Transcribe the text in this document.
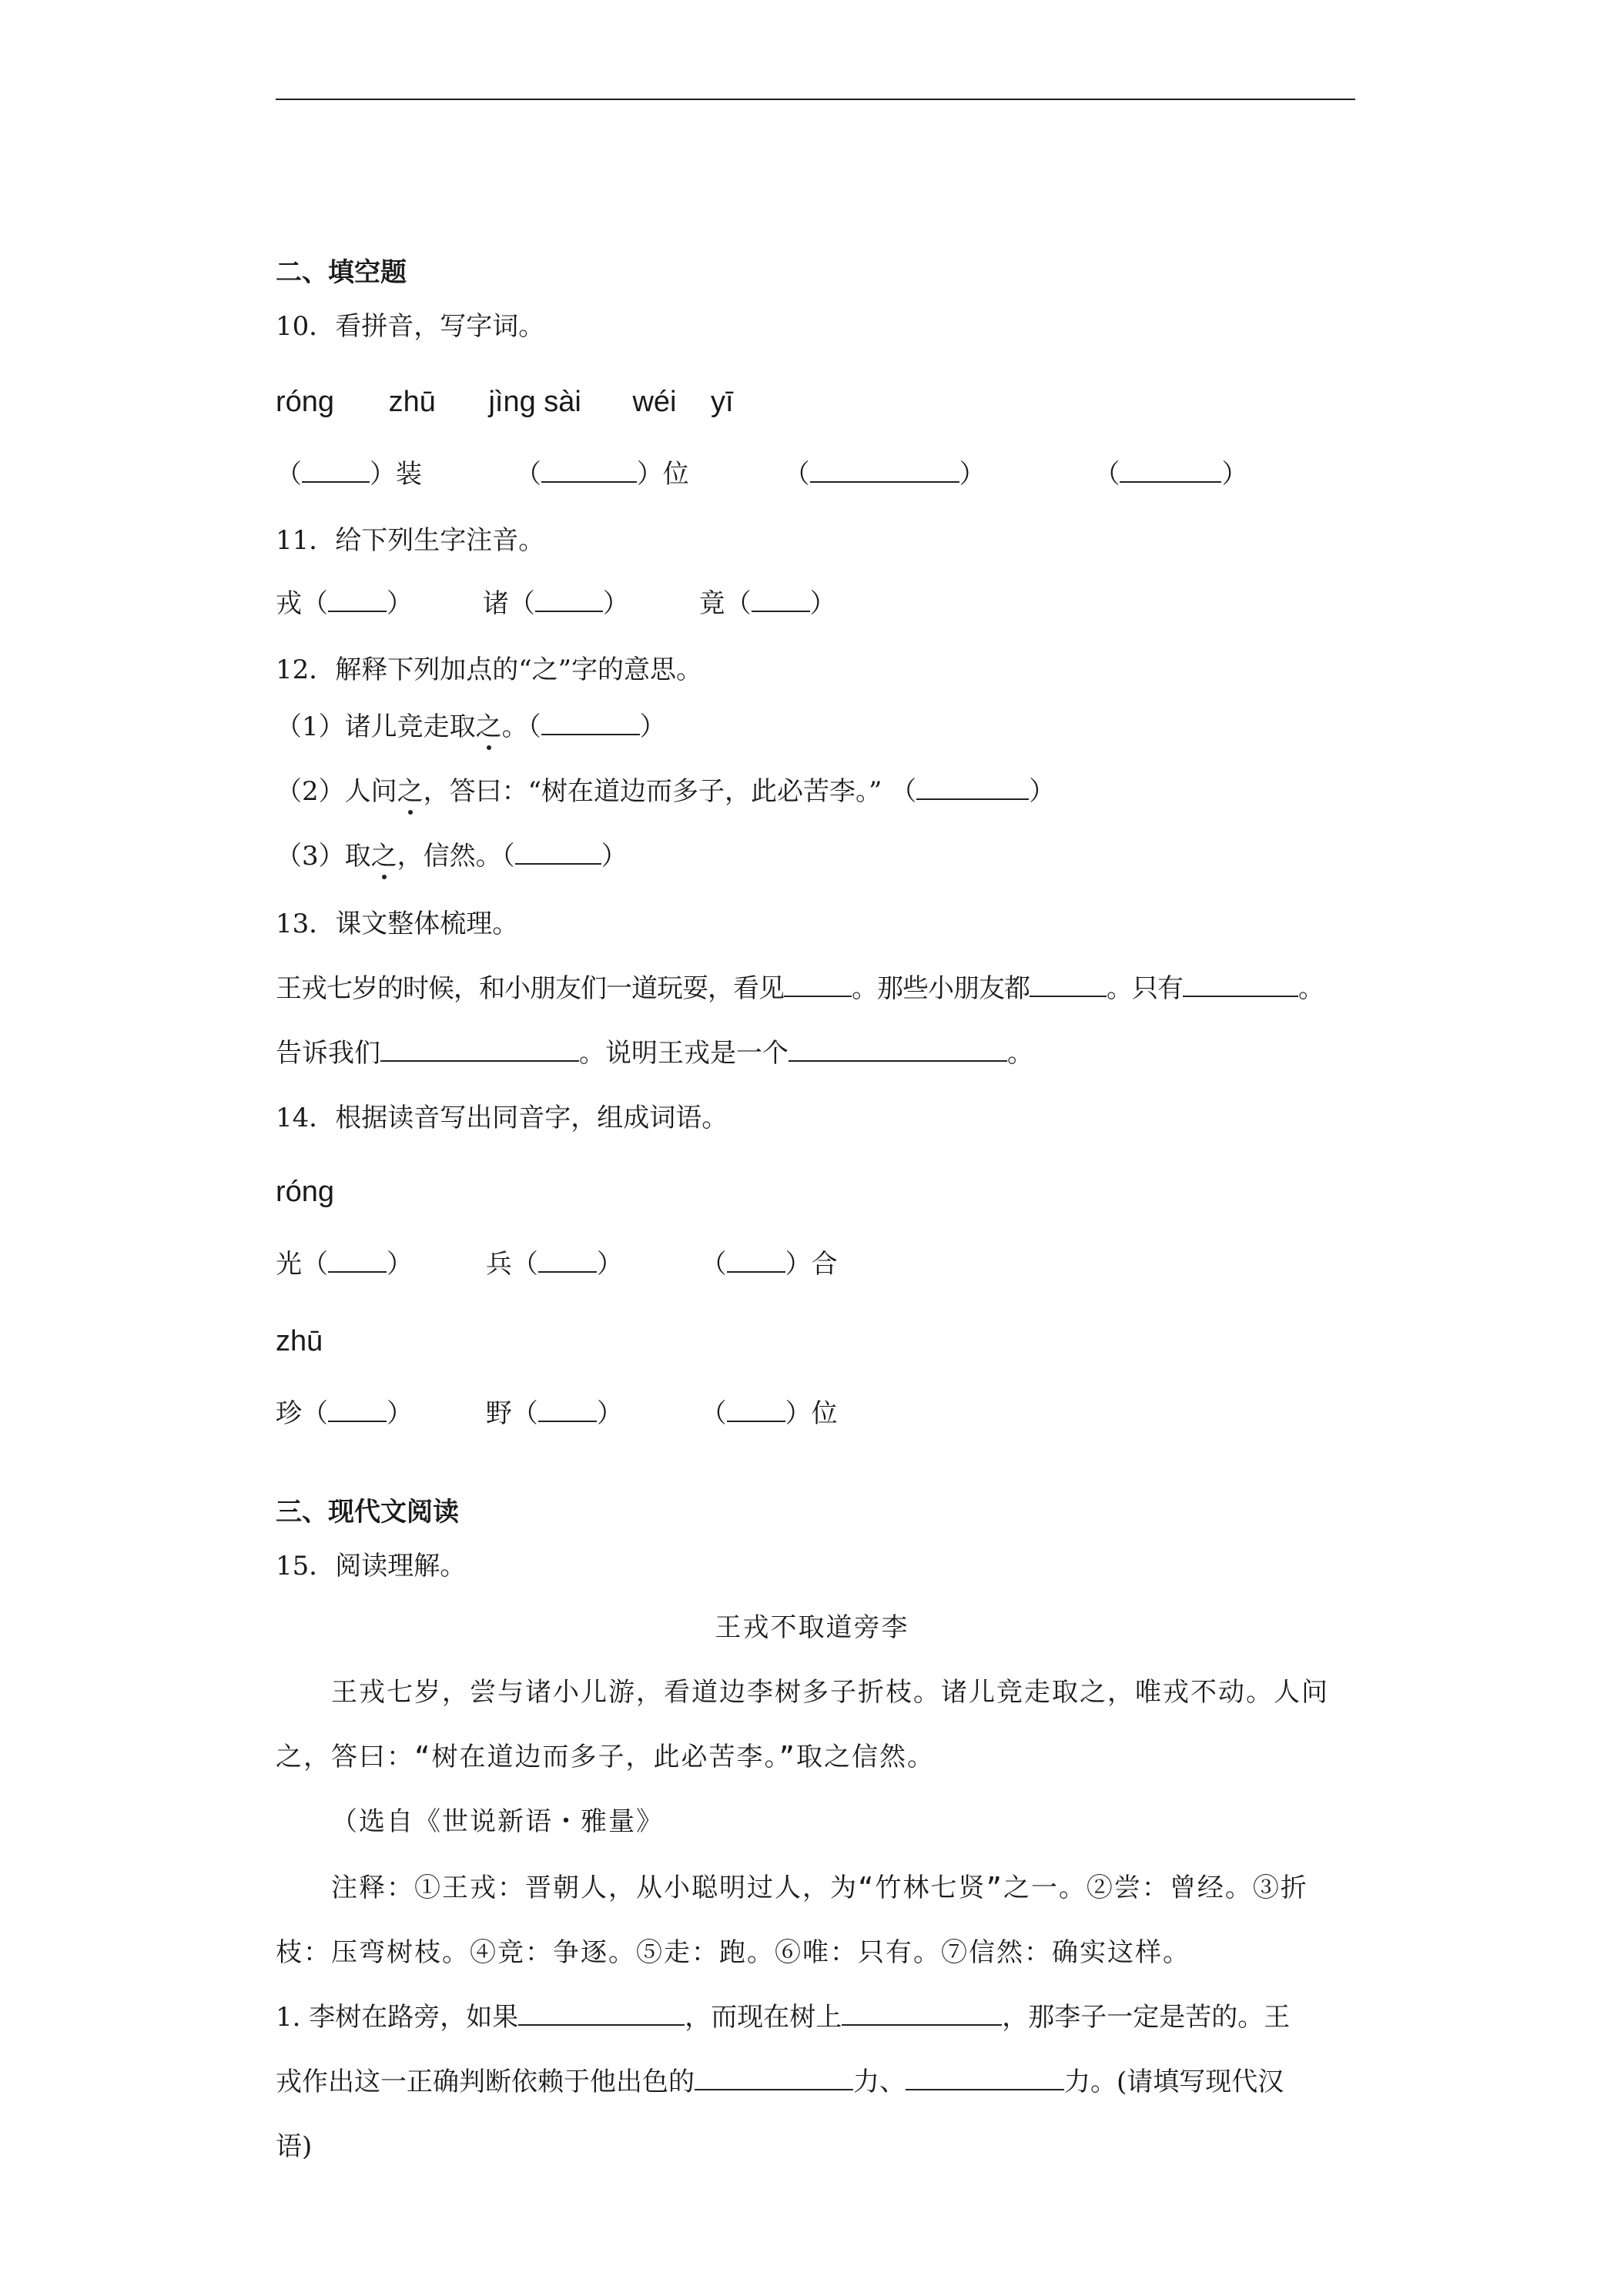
二、填空题
10．看拼音，写字词。
róng zhū jìng sài wéi yī
（	）装	（	）位	（	）	（	）
11．给下列生字注音。
戎（ ）	诸（	）	竟（ ）
12．解释下列加点的“之”字的意思。
（1）诸儿竞走取之。（	）
（2）人问之，答曰：“树在道边而多子，此必苦李。” （	）
（3）取之，信然。（	）
13．课文整体梳理。
王戎七岁的时候，和小朋友们一道玩耍，看见	。那些小朋友都	。只有	。
告诉我们	。说明王戎是一个	。
14．根据读音写出同音字，组成词语。
róng
光（ ）	兵（ ）	（ ）合
zhū
珍（ ）	野（ ）	（ ）位
三、现代文阅读
15．阅读理解。
王戎不取道旁李
王戎七岁，尝与诸小儿游，看道边李树多子折枝。诸儿竞走取之，唯戎不动。人问
之，答曰：“树在道边而多子，此必苦李。”取之信然。
（选自《世说新语・雅量》
注释：①王戎：晋朝人，从小聪明过人，为“竹林七贤”之一。②尝：曾经。③折
枝：压弯树枝。④竞：争逐。⑤走：跑。⑥唯：只有。⑦信然：确实这样。
1. 李树在路旁，如果	，而现在树上	，那李子一定是苦的。王
戎作出这一正确判断依赖于他出色的	力、	力。(请填写现代汉
语)
